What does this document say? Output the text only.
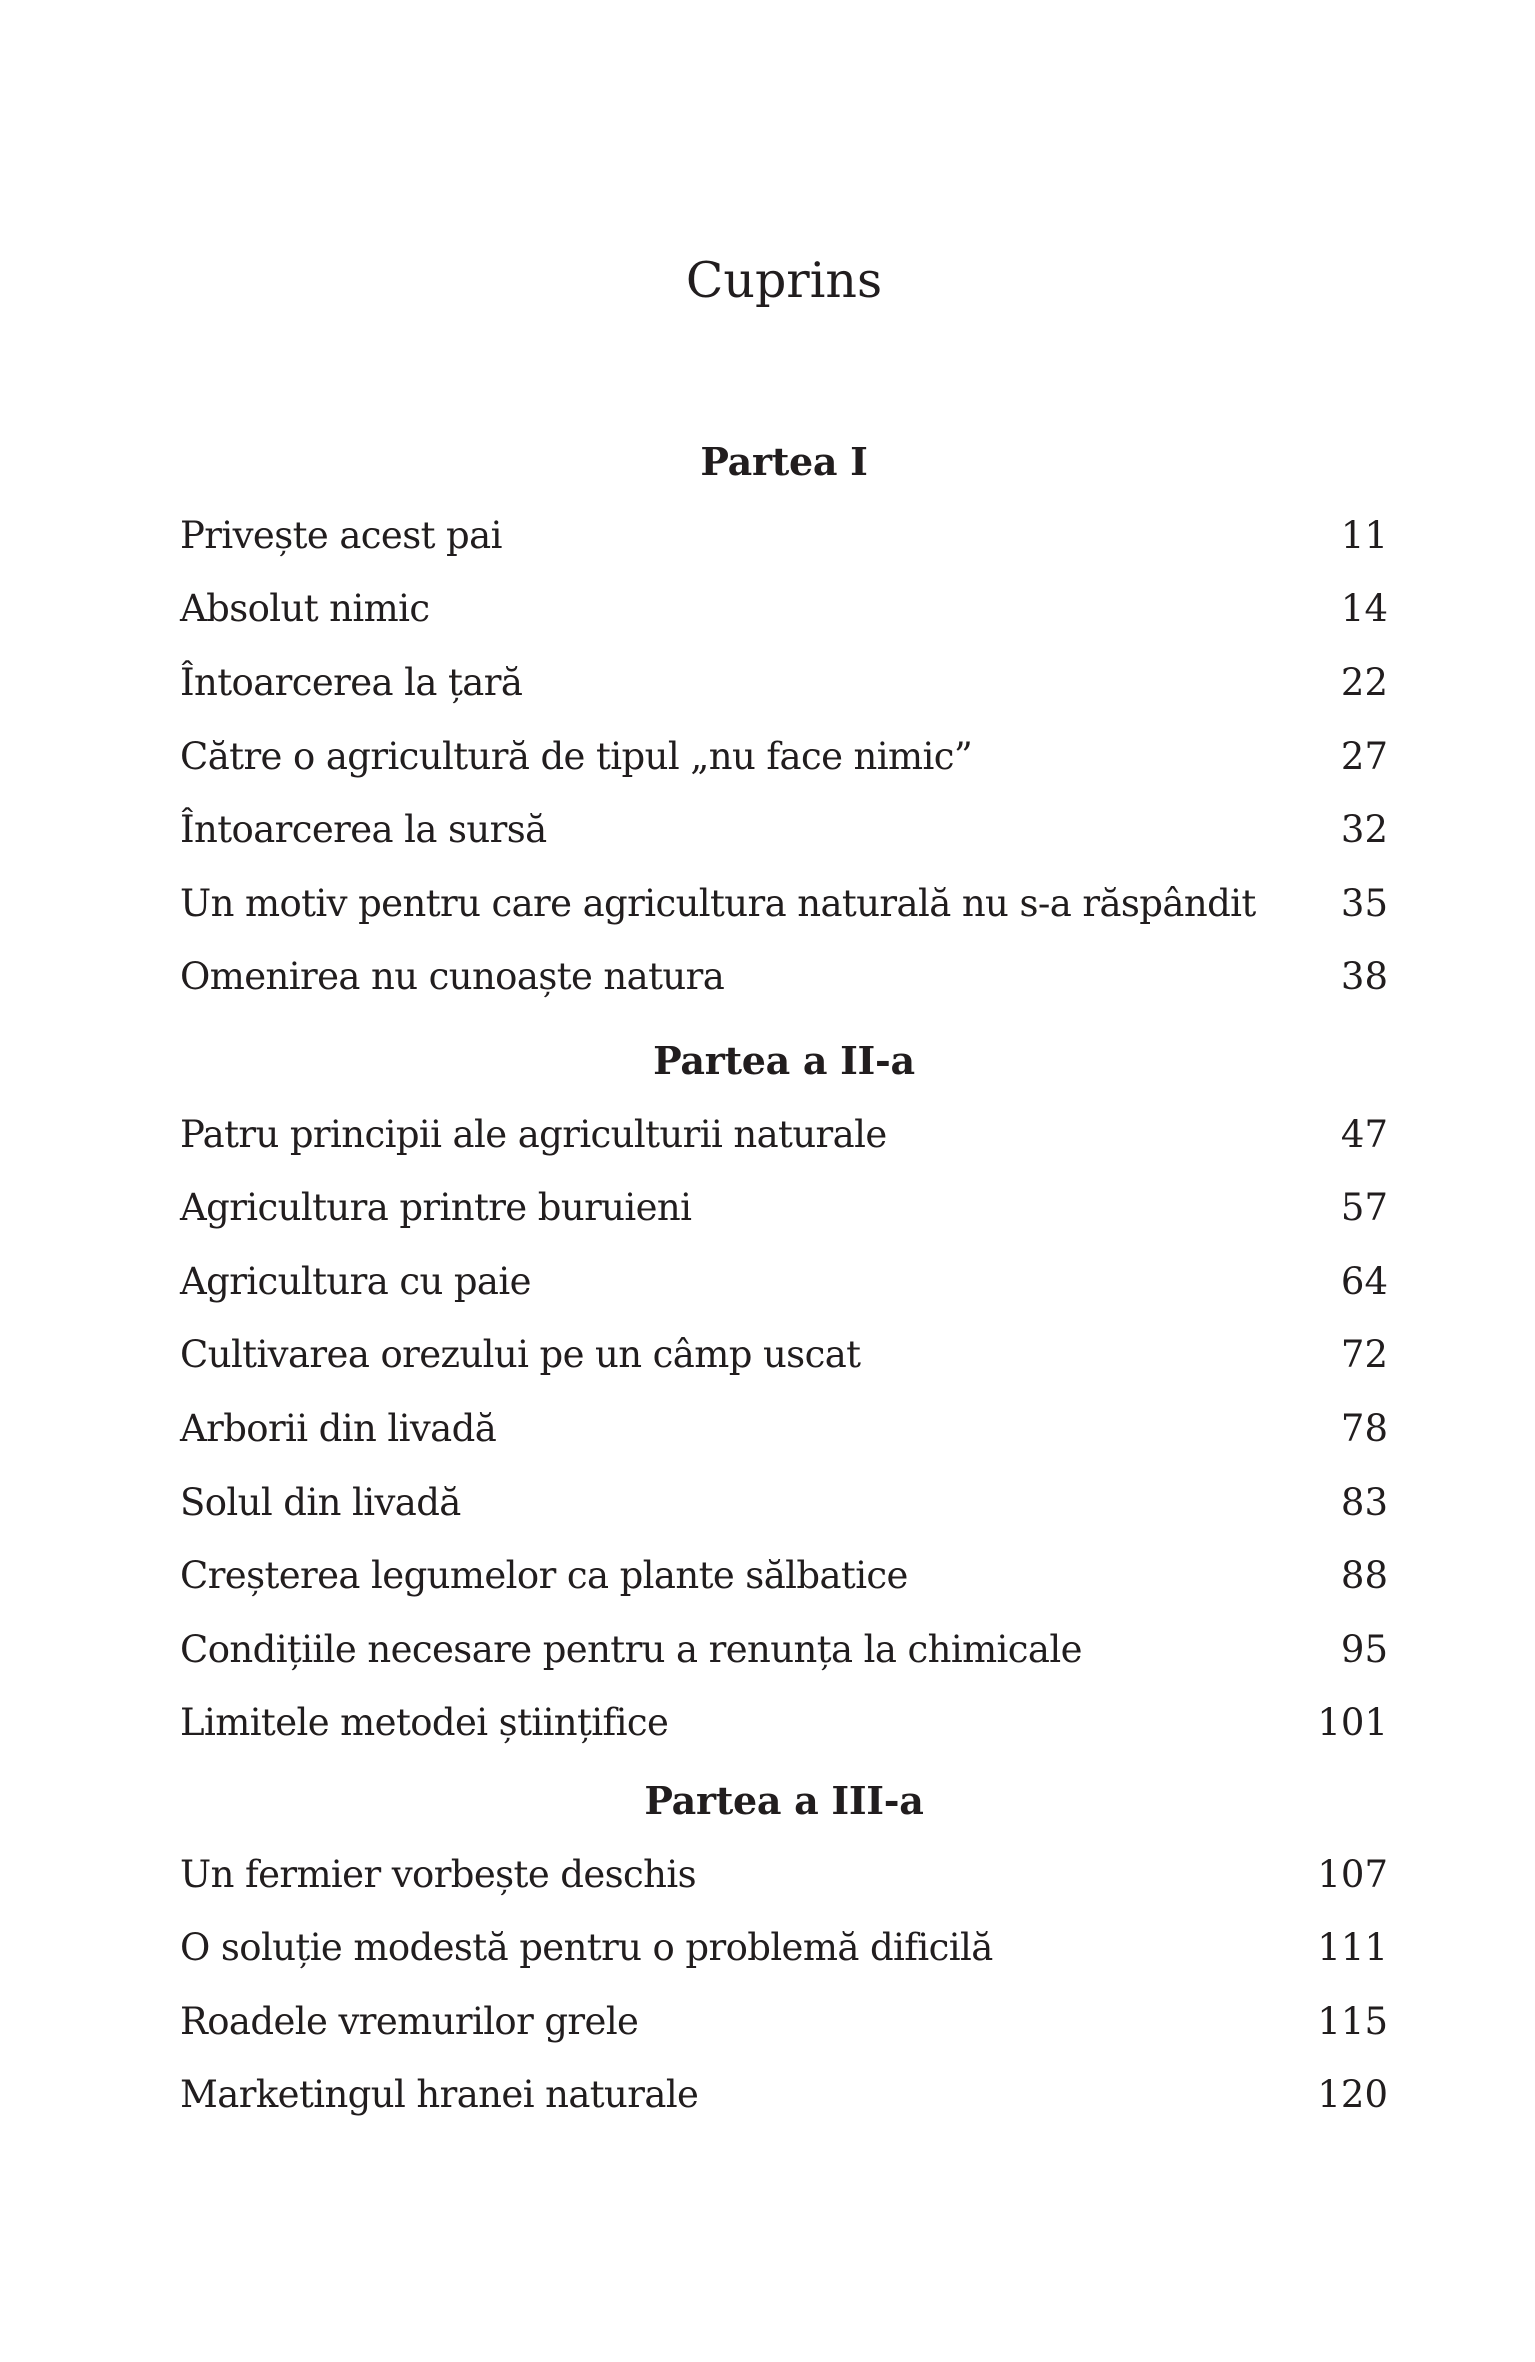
Cuprins
Partea I
Privește acest pai	11
Absolut nimic	14
Întoarcerea la țară	22
Către o agricultură de tipul „nu face nimic”	27
Întoarcerea la sursă	32
Un motiv pentru care agricultura naturală nu s-a răspândit	35
Omenirea nu cunoaște natura	38
Partea a II-a
Patru principii ale agriculturii naturale	47
Agricultura printre buruieni	57
Agricultura cu paie	64
Cultivarea orezului pe un câmp uscat	72
Arborii din livadă	78
Solul din livadă	83
Creșterea legumelor ca plante sălbatice	88
Condițiile necesare pentru a renunța la chimicale	95
Limitele metodei științifice	101
Partea a III-a
Un fermier vorbește deschis	107
O soluție modestă pentru o problemă dificilă	111
Roadele vremurilor grele	115
Marketingul hranei naturale	120
